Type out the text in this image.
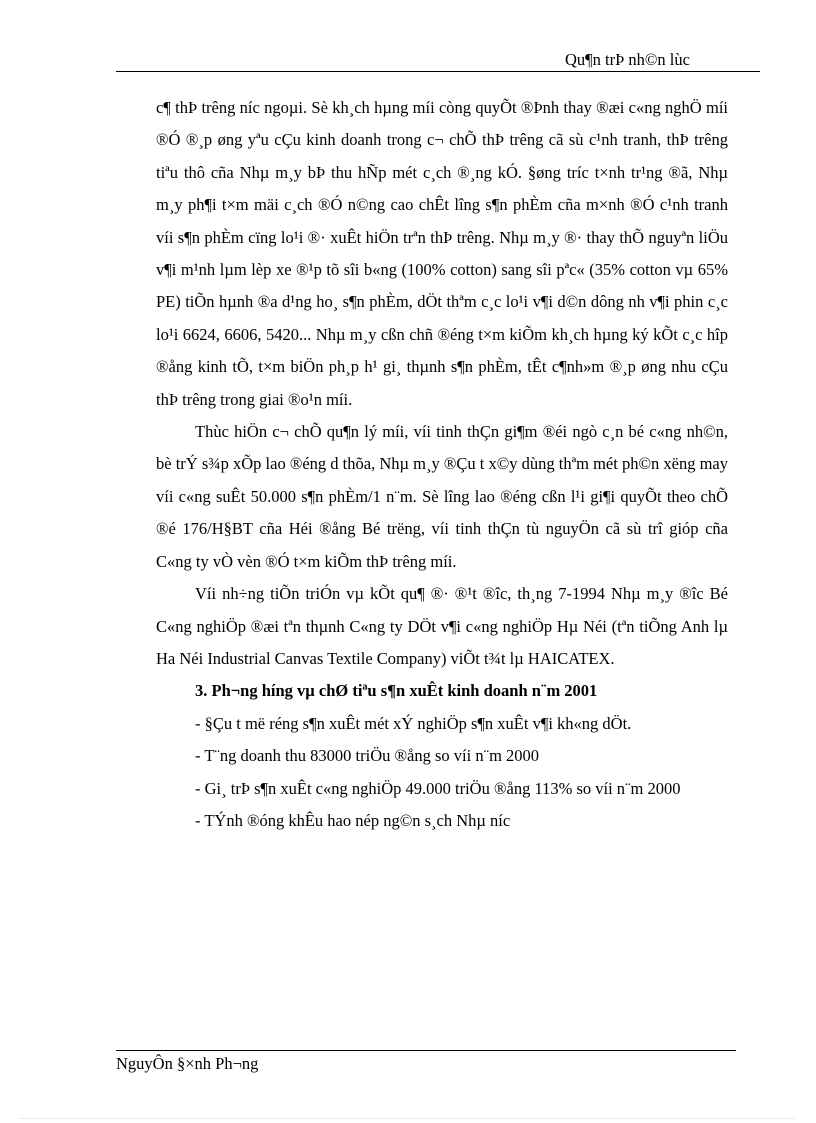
Qu¶n trÞ nh©n lùc

c¶ thÞ trêng níc ngoµi. Sè kh¸ch hµng míi còng quyÕt ®Þnh thay ®æi c«ng nghÖ míi ®Ó ®¸p øng yªu cÇu kinh doanh trong c¬ chÕ thÞ trêng cã sù c¹nh tranh, thÞ trêng tiªu thô cña Nhµ m¸y bÞ thu hÑp mét c¸ch ®¸ng kÓ. §øng tríc t×nh tr¹ng ®ã, Nhµ m¸y ph¶i t×m mäi c¸ch ®Ó n©ng cao chÊt lîng s¶n phÈm cña m×nh ®Ó c¹nh tranh víi s¶n phÈm cïng lo¹i ®· xuÊt hiÖn trªn thÞ trêng. Nhµ m¸y ®· thay thÕ nguyªn liÖu v¶i m¹nh lµm lèp xe ®¹p tõ sîi b«ng (100% cotton) sang sîi pªc« (35% cotton vµ 65% PE) tiÕn hµnh ®a d¹ng ho¸ s¶n phÈm, dÖt thªm c¸c lo¹i v¶i d©n dông nh v¶i phin c¸c lo¹i 6624, 6606, 5420... Nhµ m¸y cßn chñ ®éng t×m kiÕm kh¸ch hµng ký kÕt c¸c hîp ®ång kinh tÕ, t×m biÖn ph¸p h¹ gi¸ thµnh s¶n phÈm, tÊt c¶nh»m ®¸p øng nhu cÇu thÞ trêng trong giai ®o¹n míi.

Thùc hiÖn c¬ chÕ qu¶n lý míi, víi tinh thÇn gi¶m ®éi ngò c¸n bé c«ng nh©n, bè trÝ s¾p xÕp lao ®éng d thõa, Nhµ m¸y ®Çu t x©y dùng thªm mét ph©n xëng may víi c«ng suÊt 50.000 s¶n phÈm/1 n¨m. Sè lîng lao ®éng cßn l¹i gi¶i quyÕt theo chÕ ®é 176/H§BT cña Héi ®ång Bé trëng, víi tinh thÇn tù nguyÖn cã sù trî gióp cña C«ng ty vÒ vèn ®Ó t×m kiÕm thÞ trêng míi.

Víi nh÷ng tiÕn triÓn vµ kÕt qu¶ ®· ®¹t ®îc, th¸ng 7-1994 Nhµ m¸y ®îc Bé C«ng nghiÖp ®æi tªn thµnh C«ng ty DÖt v¶i c«ng nghiÖp Hµ Néi (tªn tiÕng Anh lµ Ha Néi Industrial Canvas Textile Company) viÕt t¾t lµ HAICATEX.

3. Ph¬ng híng vµ chØ tiªu s¶n xuÊt kinh doanh n¨m 2001

- §Çu t më réng s¶n xuÊt mét xÝ nghiÖp s¶n xuÊt v¶i kh«ng dÖt.

- T¨ng doanh thu 83000 triÖu ®ång so víi n¨m 2000

- Gi¸ trÞ s¶n xuÊt c«ng nghiÖp 49.000 triÖu ®ång 113% so víi n¨m 2000

- TÝnh ®óng khÊu hao nép ng©n s¸ch Nhµ níc

NguyÔn §×nh Ph¬ng
